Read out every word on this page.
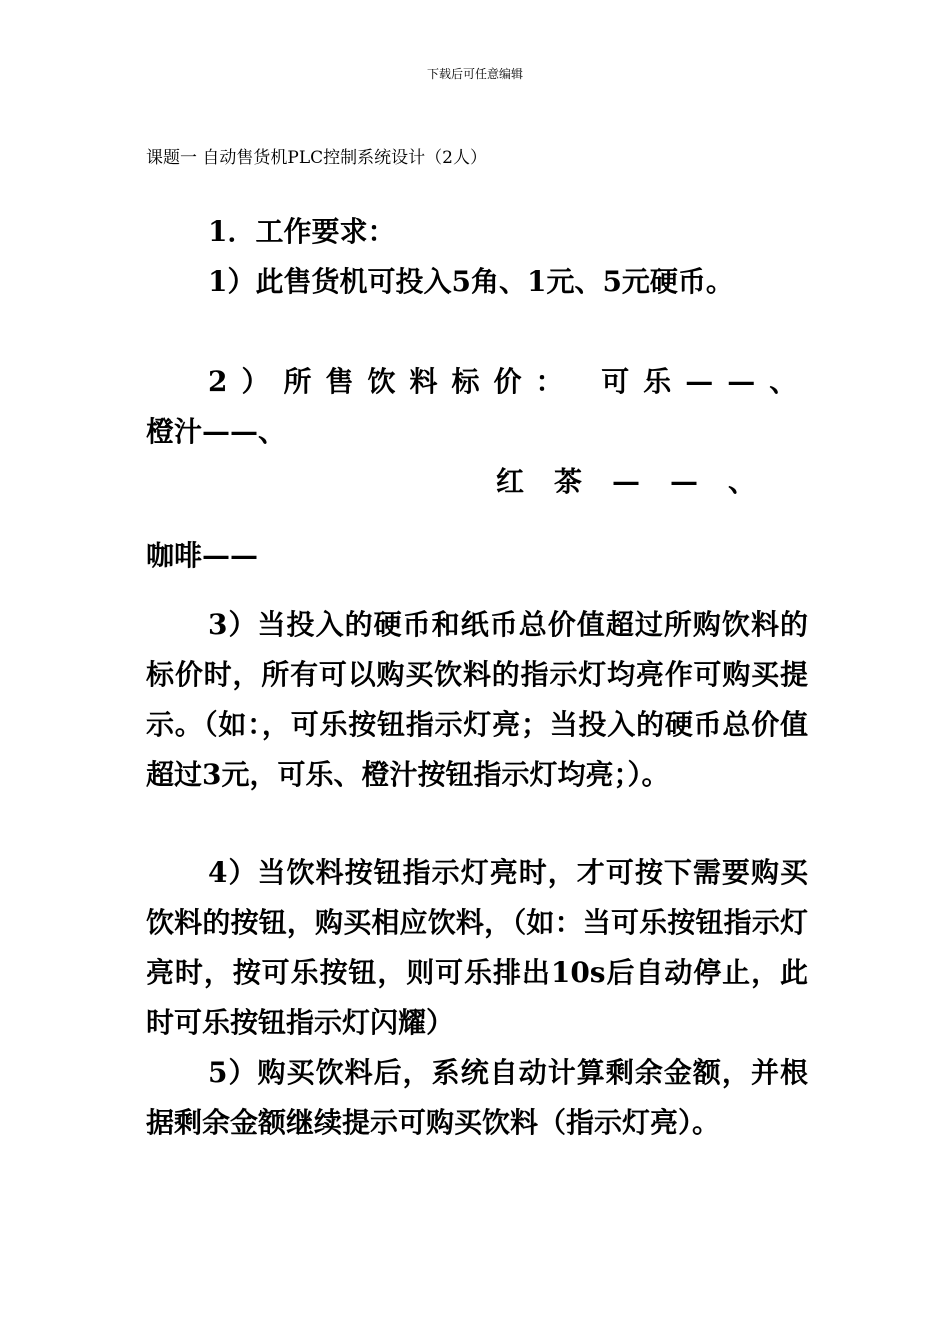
下载后可任意编辑
课题一 自动售货机PLC控制系统设计（2人）
1．工作要求：
1）此售货机可投入5角、1元、5元硬币。
2）所售饮料标价： 可乐——、
橙汁——、
红茶——、
咖啡——
3）当投入的硬币和纸币总价值超过所购饮料的标价时，所有可以购买饮料的指示灯均亮作可购买提示。（如：，可乐按钮指示灯亮；当投入的硬币总价值超过3元，可乐、橙汁按钮指示灯均亮；）。
4）当饮料按钮指示灯亮时，才可按下需要购买饮料的按钮，购买相应饮料，（如：当可乐按钮指示灯亮时，按可乐按钮，则可乐排出10s后自动停止，此时可乐按钮指示灯闪耀）
5）购买饮料后，系统自动计算剩余金额，并根据剩余金额继续提示可购买饮料（指示灯亮）。
